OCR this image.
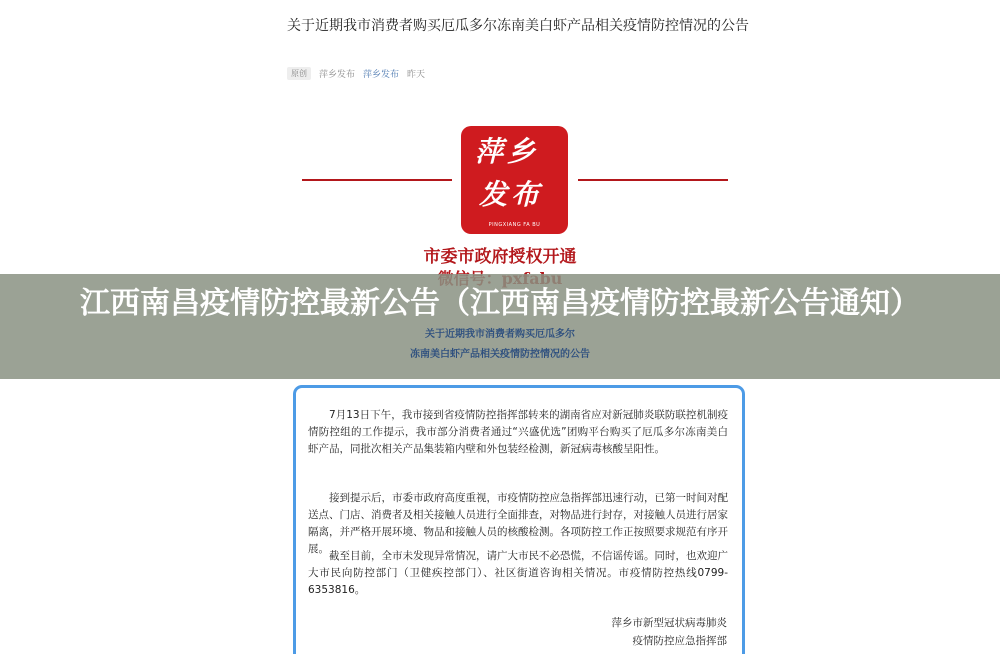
关于近期我市消费者购买厄瓜多尔冻南美白虾产品相关疫情防控情况的公告
原创	萍乡发布 萍乡发布 昨天
萍乡
发布
PINGXIANG FA BU
市委市政府授权开通
关于近期我市消费者购买厄瓜多尔
冻南美白虾产品相关疫情防控情况的公告
江西南昌疫情防控最新公告（江西南昌疫情防控最新公告通知）

7月13日下午，我市接到省疫情防控指挥部转来的湖南省应对新冠肺炎联防联控机制疫情防控组的工作提示，我市部分消费者通过“兴盛优选”团购平台购买了厄瓜多尔冻南美白虾产品，同批次相关产品集装箱内壁和外包装经检测，新冠病毒核酸呈阳性。

接到提示后，市委市政府高度重视，市疫情防控应急指挥部迅速行动，已第一时间对配送点、门店、消费者及相关接触人员进行全面排查，对物品进行封存，对接触人员进行居家隔离，并严格开展环境、物品和接触人员的核酸检测。各项防控工作正按照要求规范有序开展。

截至目前，全市未发现异常情况，请广大市民不必恐慌，不信谣传谣。同时，也欢迎广大市民向防控部门（卫健疾控部门）、社区街道咨询相关情况。市疫情防控热线0799-6353816。

萍乡市新型冠状病毒肺炎
疫情防控应急指挥部
